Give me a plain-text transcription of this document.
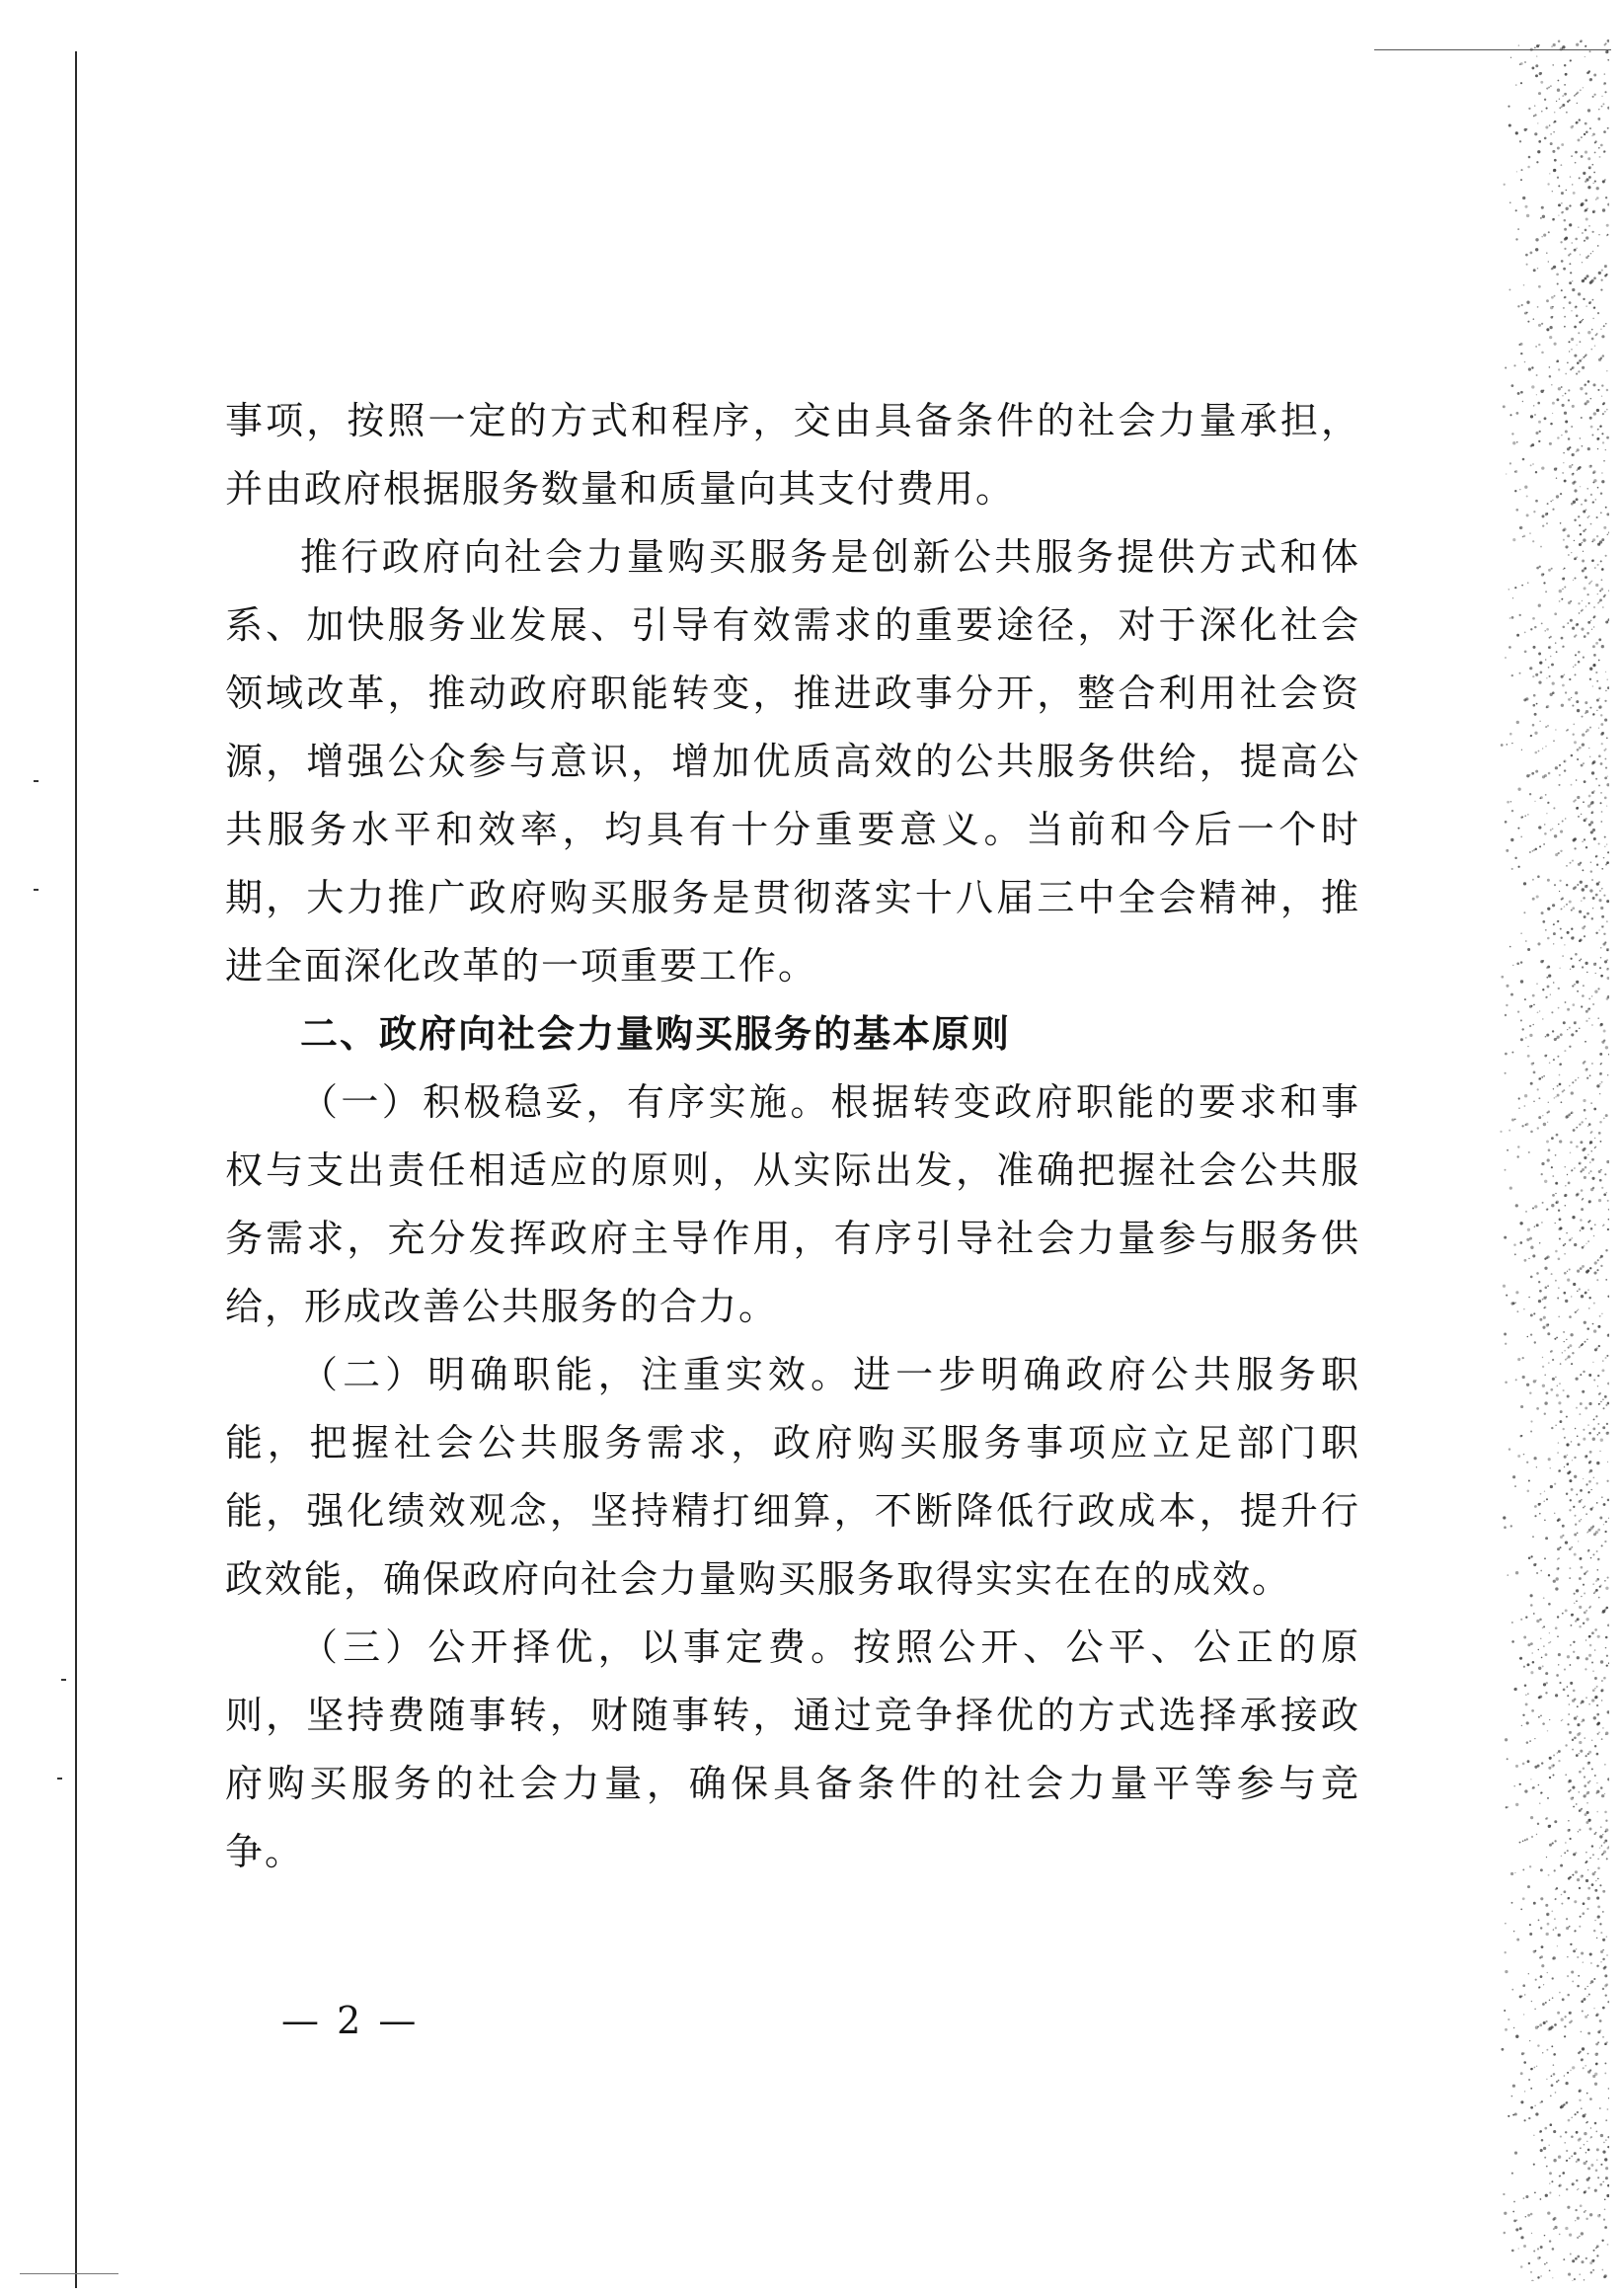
事项，按照一定的方式和程序，交由具备条件的社会力量承担，并由政府根据服务数量和质量向其支付费用。

推行政府向社会力量购买服务是创新公共服务提供方式和体系、加快服务业发展、引导有效需求的重要途径，对于深化社会领域改革，推动政府职能转变，推进政事分开，整合利用社会资源，增强公众参与意识，增加优质高效的公共服务供给，提高公共服务水平和效率，均具有十分重要意义。当前和今后一个时期，大力推广政府购买服务是贯彻落实十八届三中全会精神，推进全面深化改革的一项重要工作。

二、政府向社会力量购买服务的基本原则

（一）积极稳妥，有序实施。根据转变政府职能的要求和事权与支出责任相适应的原则，从实际出发，准确把握社会公共服务需求，充分发挥政府主导作用，有序引导社会力量参与服务供给，形成改善公共服务的合力。

（二）明确职能，注重实效。进一步明确政府公共服务职能，把握社会公共服务需求，政府购买服务事项应立足部门职能，强化绩效观念，坚持精打细算，不断降低行政成本，提升行政效能，确保政府向社会力量购买服务取得实实在在的成效。

（三）公开择优，以事定费。按照公开、公平、公正的原则，坚持费随事转，财随事转，通过竞争择优的方式选择承接政府购买服务的社会力量，确保具备条件的社会力量平等参与竞争。

— 2 —
